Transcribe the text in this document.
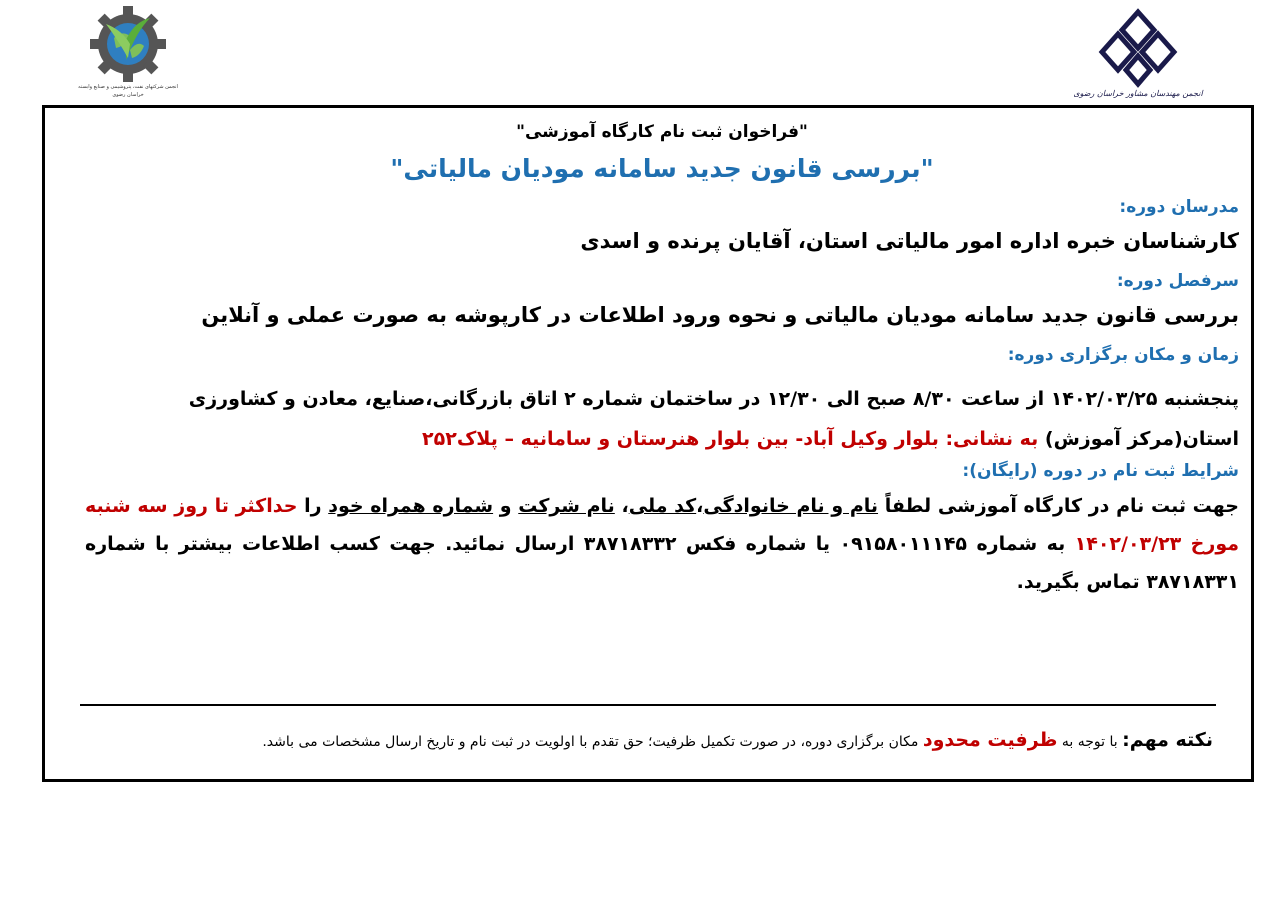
انجمن شرکتهای نفت، پتروشیمی و صنایع وابسته
خراسان رضوی	انجمن مهندسان مشاور خراسان رضوی
"فراخوان ثبت نام کارگاه آموزشی"
"بررسی قانون جدید سامانه مودیان مالیاتی"
مدرسان دوره:
کارشناسان خبره اداره امور مالیاتی استان، آقایان پرنده و اسدی
سرفصل دوره:
بررسی قانون جدید سامانه مودیان مالیاتی و نحوه ورود اطلاعات در کارپوشه به صورت عملی و آنلاین
زمان و مکان برگزاری دوره:
پنجشنبه ۱۴۰۲/۰۳/۲۵ از ساعت ۸/۳۰ صبح الی ۱۲/۳۰ در ساختمان شماره ۲ اتاق بازرگانی،صنایع، معادن و کشاورزی
استان(مرکز آموزش) به نشانی: بلوار وکیل آباد- بین بلوار هنرستان و سامانیه – پلاک۲۵۲
شرایط ثبت نام در دوره (رایگان):
جهت ثبت نام در کارگاه آموزشی لطفاً نام و نام خانوادگی،کد ملی، نام شرکت و شماره همراه خود را حداکثر تا روز سه شنبه مورخ ۱۴۰۲/۰۳/۲۳ به شماره ۰۹۱۵۸۰۱۱۱۴۵ یا شماره فکس ۳۸۷۱۸۳۳۲ ارسال نمائید. جهت کسب اطلاعات بیشتر با شماره ۳۸۷۱۸۳۳۱ تماس بگیرید.
نکته مهم: با توجه به ظرفیت محدود مکان برگزاری دوره، در صورت تکمیل ظرفیت؛ حق تقدم با اولویت در ثبت نام و تاریخ ارسال مشخصات می باشد.
